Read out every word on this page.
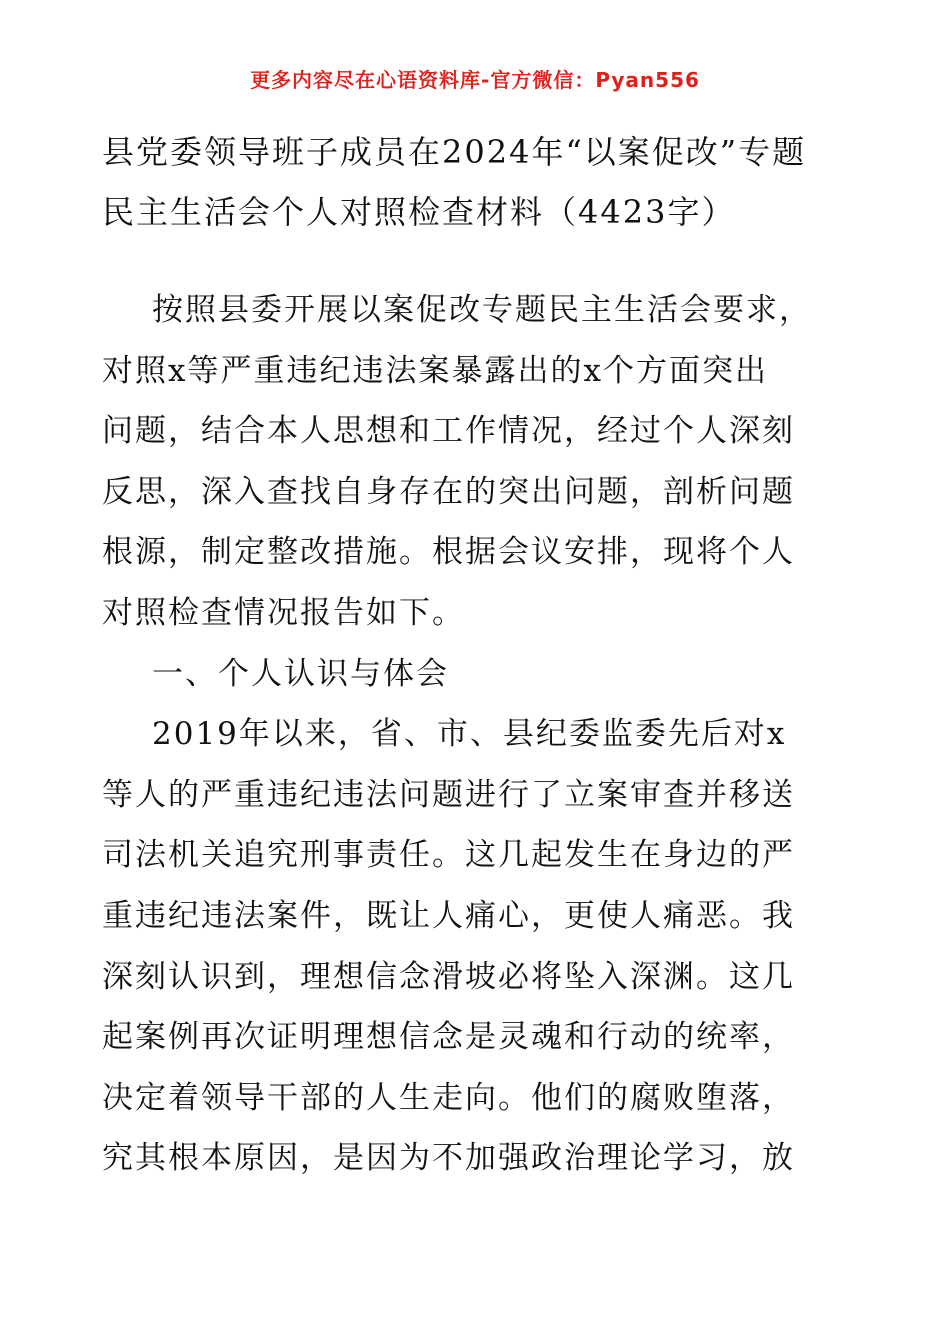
更多内容尽在心语资料库-官方微信：Pyan556
县党委领导班子成员在2024年“以案促改”专题
民主生活会个人对照检查材料（4423字）
按照县委开展以案促改专题民主生活会要求，
对照x等严重违纪违法案暴露出的x个方面突出
问题，结合本人思想和工作情况，经过个人深刻
反思，深入查找自身存在的突出问题，剖析问题
根源，制定整改措施。根据会议安排，现将个人
对照检查情况报告如下。
一、个人认识与体会
2019年以来，省、市、县纪委监委先后对x
等人的严重违纪违法问题进行了立案审查并移送
司法机关追究刑事责任。这几起发生在身边的严
重违纪违法案件，既让人痛心，更使人痛恶。我
深刻认识到，理想信念滑坡必将坠入深渊。这几
起案例再次证明理想信念是灵魂和行动的统率，
决定着领导干部的人生走向。他们的腐败堕落，
究其根本原因，是因为不加强政治理论学习，放
